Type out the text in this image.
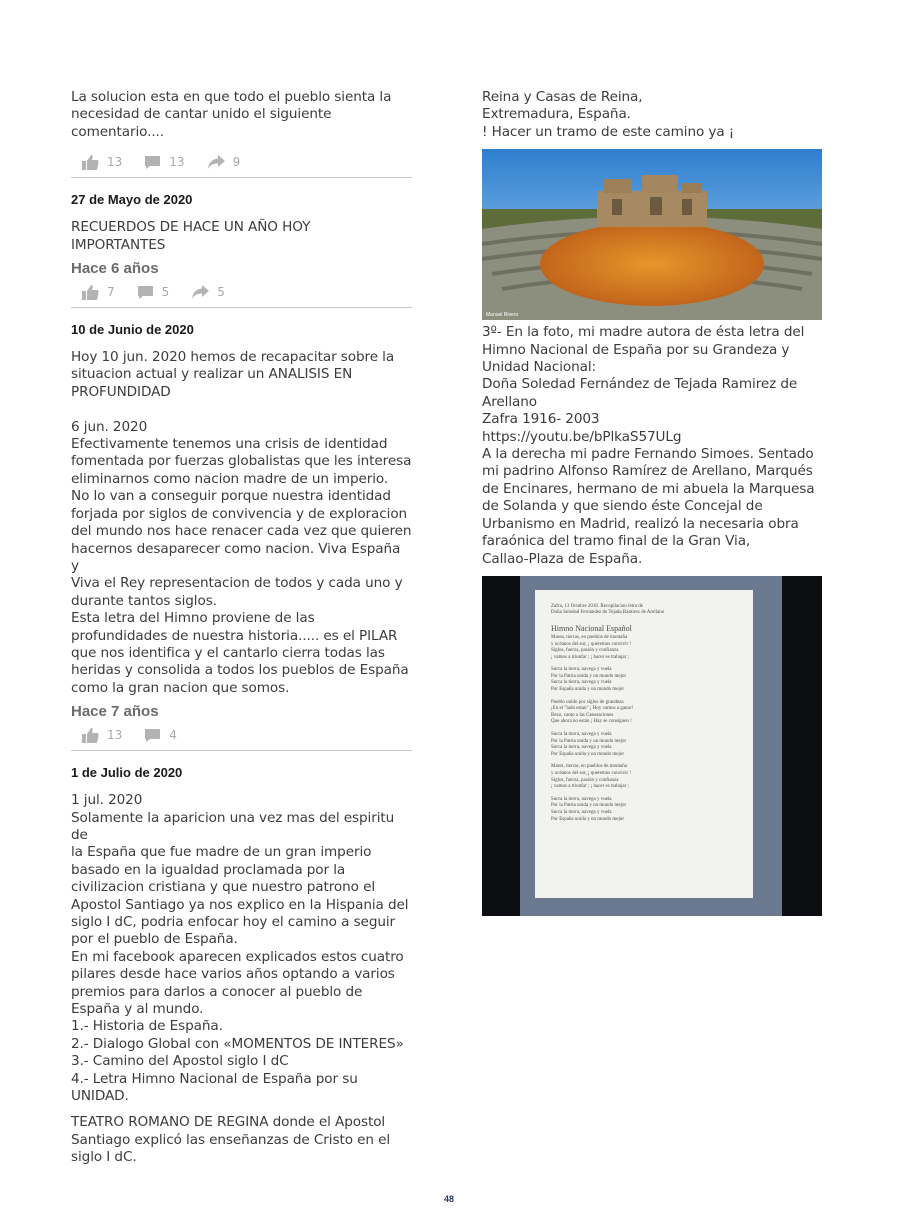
La solucion esta en que todo el pueblo sienta la
necesidad de cantar unido el siguiente
comentario....

13	13	9
27 de Mayo de 2020

RECUERDOS DE HACE UN AÑO HOY
IMPORTANTES

Hace 6 años
7	5	5
10 de Junio de 2020

Hoy 10 jun. 2020 hemos de recapacitar sobre la
situacion actual y realizar un ANALISIS EN
PROFUNDIDAD

6 jun. 2020
Efectivamente tenemos una crisis de identidad
fomentada por fuerzas globalistas que les interesa
eliminarnos como nacion madre de un imperio.
No lo van a conseguir porque nuestra identidad
forjada por siglos de convivencia y de exploracion
del mundo nos hace renacer cada vez que quieren
hacernos desaparecer como nacion. Viva España y
Viva el Rey representacion de todos y cada uno y
durante tantos siglos.
Esta letra del Himno proviene de las
profundidades de nuestra historia..... es el PILAR
que nos identifica y el cantarlo cierra todas las
heridas y consolida a todos los pueblos de España
como la gran nacion que somos.

Hace 7 años
13	4
1 de Julio de 2020

1 jul. 2020
Solamente la aparicion una vez mas del espiritu de
la España que fue madre de un gran imperio
basado en la igualdad proclamada por la
civilizacion cristiana y que nuestro patrono el
Apostol Santiago ya nos explico en la Hispania del
siglo I dC, podria enfocar hoy el camino a seguir
por el pueblo de España.
En mi facebook aparecen explicados estos cuatro
pilares desde hace varios años optando a varios
premios para darlos a conocer al pueblo de
España y al mundo.
1.- Historia de España.
2.- Dialogo Global con «MOMENTOS DE INTERES»
3.- Camino del Apostol siglo I dC
4.- Letra Himno Nacional de España por su
UNIDAD.

TEATRO ROMANO DE REGINA donde el Apostol
Santiago explicó las enseñanzas de Cristo en el
siglo I dC.

Reina y Casas de Reina,
Extremadura, España.
! Hacer un tramo de este camino ya ¡

Manuel Rivero

3º- En la foto, mi madre autora de ésta letra del
Himno Nacional de España por su Grandeza y
Unidad Nacional:
Doña Soledad Fernández de Tejada Ramirez de
Arellano
Zafra 1916- 2003
https://youtu.be/bPlkaS57ULg
A la derecha mi padre Fernando Simoes. Sentado
mi padrino Alfonso Ramírez de Arellano, Marqués
de Encinares, hermano de mi abuela la Marquesa
de Solanda y que siendo éste Concejal de
Urbanismo en Madrid, realizó la necesaria obra
faraónica del tramo final de la Gran Via,
Callao-Plaza de España.

Zafra, 13 Octubre 2016. Recopilacion letra de
Doña Soledad Fernández de Tejada Ramirez de Arellano
Himno Nacional Español
Marea, tierras, en pueblos de montaña
y océanos del sur, ¡ queremos convivir !
Siglos, fuerza, pasión y confianza
¡ vamos a triunfar ; ¡ hacer es trabajar ;
Surca la tierra, navega y vuela
Por la Patria unida y un mundo mejor
Surca la tierra, navega y vuela
Por España unida y un mundo mejor
Pueblo unido por siglos de grandeza
¡En el "lado estan" ¡ Hoy vamos a ganar!
Rezo, canto a las Generaciones
Que ahora no están ¡ Hay se consiguen !
Surca la tierra, navega y vuela
Por la Patria unida y un mundo mejor
Surca la tierra, navega y vuela
Por España unida y un mundo mejor
Mares, tierras, en pueblos de montaña
y océanos del sur, ¡ queremos convivir !
Siglos, fuerza, pasión y confianza
¡ vamos a triunfar ; ¡ hacer es trabajar ;
Surca la tierra, navega y vuela
Por la Patria unida y un mundo mejor
Surca la tierra, navega y vuela
Por España unida y un mundo mejor
48
